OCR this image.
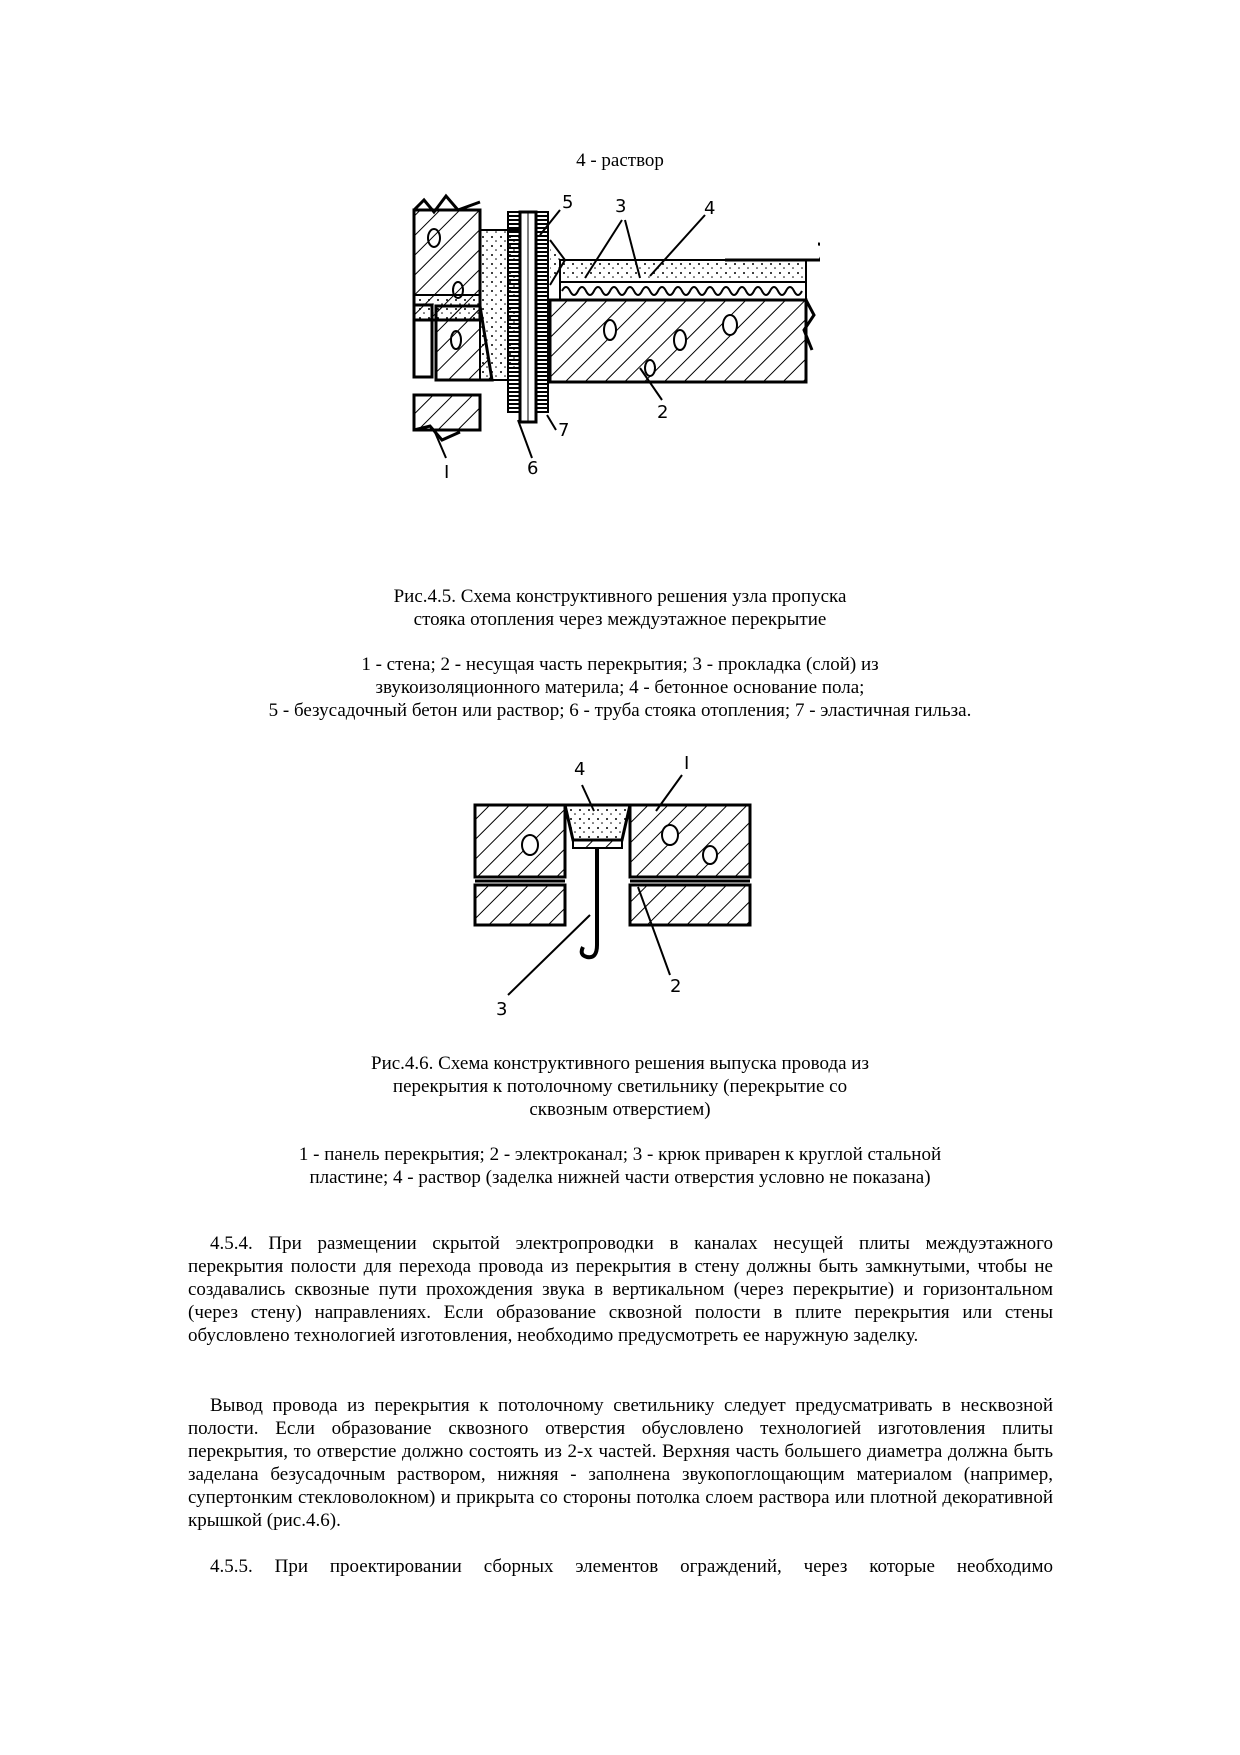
4 - раствор
5 3	4
7
6
2
I

Рис.4.5. Схема конструктивного решения узла пропуска

стояка отопления через междуэтажное перекрытие

1 - стена; 2 - несущая часть перекрытия; 3 - прокладка (слой) из

звукоизоляционного материла; 4 - бетонное основание пола;

5 - безусадочный бетон или раствор; 6 - труба стояка отопления; 7 - эластичная гильза.

4	I
2
3

Рис.4.6. Схема конструктивного решения выпуска провода из

перекрытия к потолочному светильнику (перекрытие со

сквозным отверстием)

1 - панель перекрытия; 2 - электроканал; 3 - крюк приварен к круглой стальной

пластине; 4 - раствор (заделка нижней части отверстия условно не показана)

4.5.4. При размещении скрытой электропроводки в каналах несущей плиты междуэтажного перекрытия полости для перехода провода из перекрытия в стену должны быть замкнутыми, чтобы не создавались сквозные пути прохождения звука в вертикальном (через перекрытие) и горизонтальном (через стену) направлениях. Если образование сквозной полости в плите перекрытия или стены обусловлено технологией изготовления, необходимо предусмотреть ее наружную заделку.

Вывод провода из перекрытия к потолочному светильнику следует предусматривать в несквозной полости. Если образование сквозного отверстия обусловлено технологией изготовления плиты перекрытия, то отверстие должно состоять из 2-х частей. Верхняя часть большего диаметра должна быть заделана безусадочным раствором, нижняя - заполнена звукопоглощающим материалом (например, супертонким стекловолокном) и прикрыта со стороны потолка слоем раствора или плотной декоративной крышкой (рис.4.6).

4.5.5. При проектировании сборных элементов ограждений, через которые необходимо
